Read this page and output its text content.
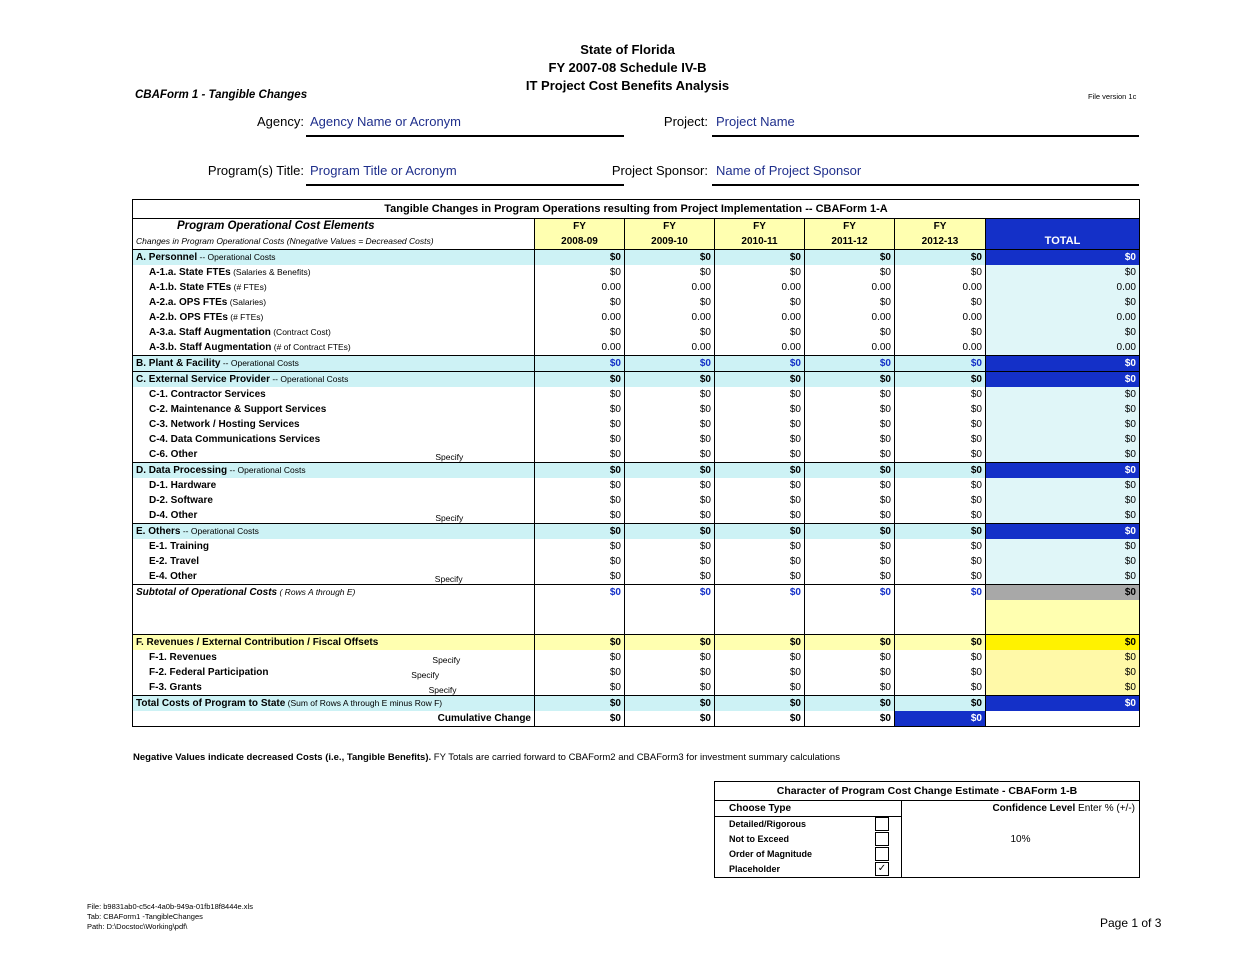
State of Florida
FY 2007-08 Schedule IV-B
IT Project Cost Benefits Analysis
CBAForm 1 - Tangible Changes	File version 1c
Agency: Agency Name or Acronym	Project: Project Name
Program(s) Title: Program Title or Acronym	Project Sponsor: Name of Project Sponsor
Tangible Changes in Program Operations resulting from Project Implementation -- CBAForm 1-A						
Program Operational Cost Elements	FY	FY	FY	FY	FY	TOTAL
Changes in Program Operational Costs (Nnegative Values = Decreased Costs)	2008-09	2009-10	2010-11	2011-12	2012-13	
A. Personnel -- Operational Costs	$0	$0	$0	$0	$0	$0
A-1.a. State FTEs (Salaries & Benefits)	$0	$0	$0	$0	$0	$0
A-1.b. State FTEs (# FTEs)	0.00	0.00	0.00	0.00	0.00	0.00
A-2.a. OPS FTEs (Salaries)	$0	$0	$0	$0	$0	$0
A-2.b. OPS FTEs (# FTEs)	0.00	0.00	0.00	0.00	0.00	0.00
A-3.a. Staff Augmentation (Contract Cost)	$0	$0	$0	$0	$0	$0
A-3.b. Staff Augmentation (# of Contract FTEs)	0.00	0.00	0.00	0.00	0.00	0.00
B. Plant & Facility -- Operational Costs	$0	$0	$0	$0	$0	$0
C. External Service Provider -- Operational Costs	$0	$0	$0	$0	$0	$0
C-1. Contractor Services	$0	$0	$0	$0	$0	$0
C-2. Maintenance & Support Services	$0	$0	$0	$0	$0	$0
C-3. Network / Hosting Services	$0	$0	$0	$0	$0	$0
C-4. Data Communications Services	$0	$0	$0	$0	$0	$0
C-6. Other Specify	$0	$0	$0	$0	$0	$0
D. Data Processing -- Operational Costs	$0	$0	$0	$0	$0	$0
D-1. Hardware	$0	$0	$0	$0	$0	$0
D-2. Software	$0	$0	$0	$0	$0	$0
D-4. Other Specify	$0	$0	$0	$0	$0	$0
E. Others -- Operational Costs	$0	$0	$0	$0	$0	$0
E-1. Training	$0	$0	$0	$0	$0	$0
E-2. Travel	$0	$0	$0	$0	$0	$0
E-4. Other Specify	$0	$0	$0	$0	$0	$0
Subtotal of Operational Costs ( Rows A through E)	$0	$0	$0	$0	$0	$0

F. Revenues / External Contribution / Fiscal Offsets	$0	$0	$0	$0	$0	$0
F-1. Revenues Specify	$0	$0	$0	$0	$0	$0
F-2. Federal Participation Specify	$0	$0	$0	$0	$0	$0
F-3. Grants Specify	$0	$0	$0	$0	$0	$0
Total Costs of Program to State (Sum of Rows A through E minus Row F)	$0	$0	$0	$0	$0	$0
Cumulative Change	$0	$0	$0	$0	$0	
Negative Values indicate decreased Costs (i.e., Tangible Benefits). FY Totals are carried forward to CBAForm2 and CBAForm3 for investment summary calculations
Character of Program Cost Change Estimate - CBAForm 1-B		
Choose Type		Confidence Level Enter % (+/-)
Detailed/Rigorous		10%
Not to Exceed		
Order of Magnitude		
Placeholder	✓	
File: b9831ab0-c5c4-4a0b-949a-01fb18f8444e.xls
Tab: CBAForm1 -TangibleChanges
Path: D:\Docstoc\Working\pdf\	Page 1 of 3
